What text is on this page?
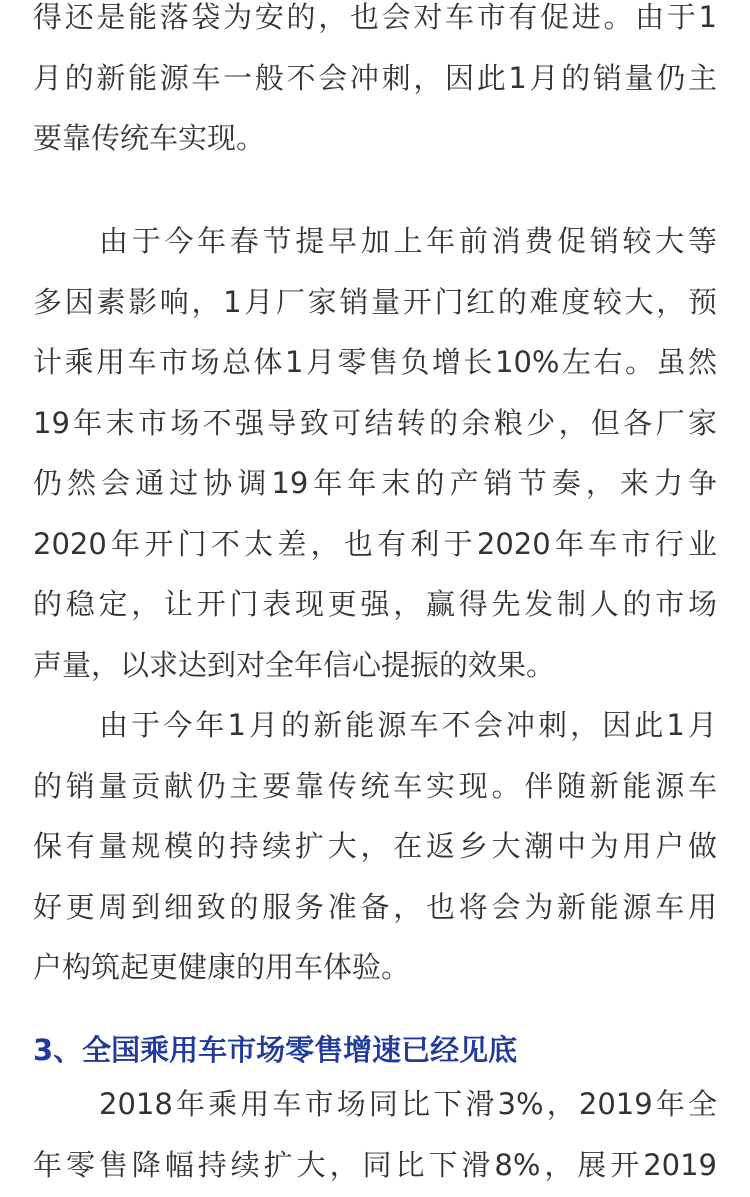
得还是能落袋为安的，也会对车市有促进。由于1
月的新能源车一般不会冲刺，因此1月的销量仍主
要靠传统车实现。

由于今年春节提早加上年前消费促销较大等
多因素影响，1月厂家销量开门红的难度较大，预
计乘用车市场总体1月零售负增长10%左右。虽然
19年末市场不强导致可结转的余粮少，但各厂家
仍然会通过协调19年年末的产销节奏，来力争
2020年开门不太差，也有利于2020年车市行业
的稳定，让开门表现更强，赢得先发制人的市场
声量，以求达到对全年信心提振的效果。

由于今年1月的新能源车不会冲刺，因此1月
的销量贡献仍主要靠传统车实现。伴随新能源车
保有量规模的持续扩大，在返乡大潮中为用户做
好更周到细致的服务准备，也将会为新能源车用
户构筑起更健康的用车体验。

3、全国乘用车市场零售增速已经见底

2018年乘用车市场同比下滑3%，2019年全
年零售降幅持续扩大，同比下滑8%，展开2019
